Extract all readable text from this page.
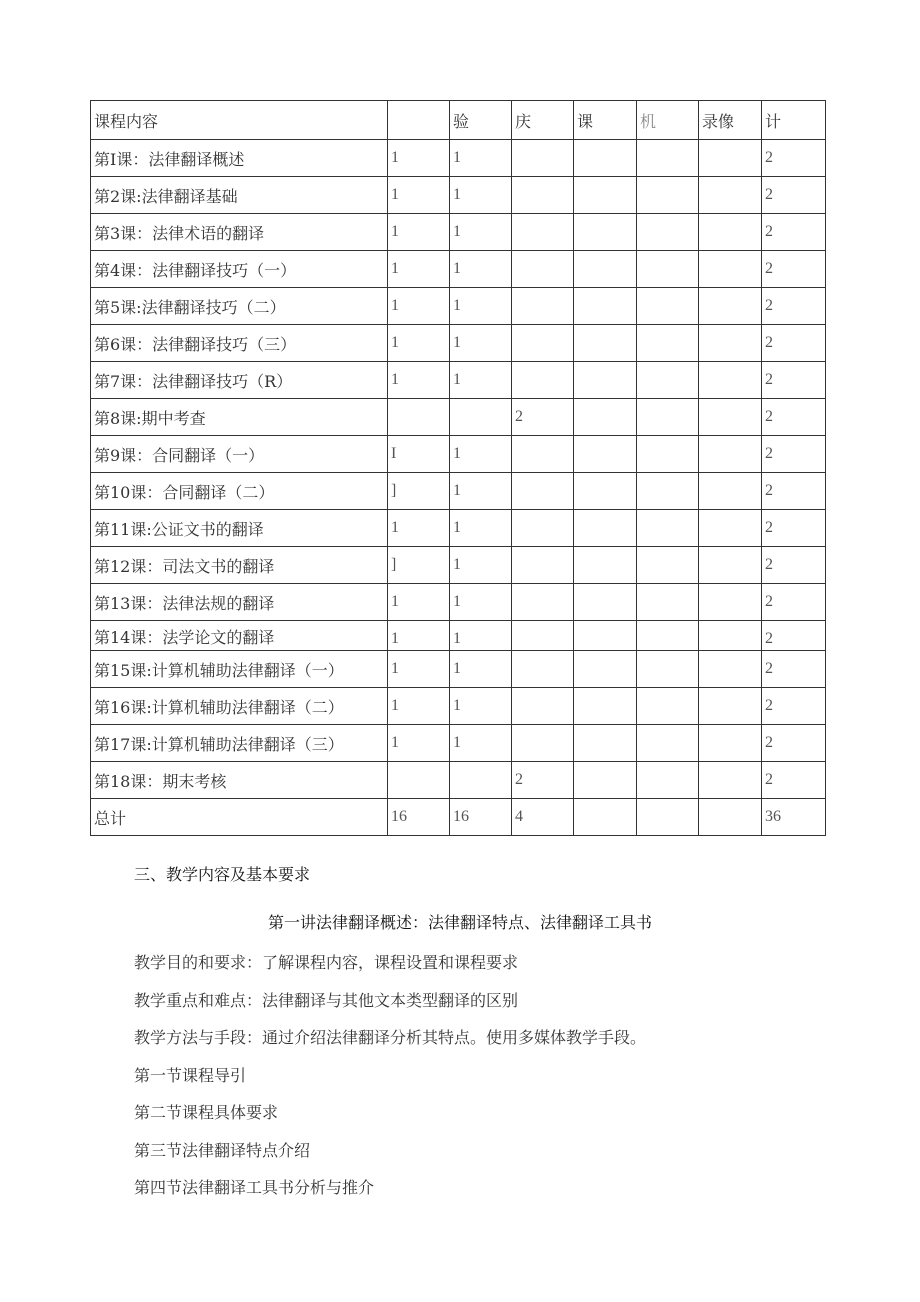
课程内容		验	庆	课	机	录像	计
第Ⅰ课：法律翻译概述	1	1					2
第2课:法律翻译基础	1	1					2
第3课：法律术语的翻译	1	1					2
第4课：法律翻译技巧（一）	1	1					2
第5课:法律翻译技巧（二）	1	1					2
第6课：法律翻译技巧（三）	1	1					2
第7课：法律翻译技巧（R）	1	1					2
第8课:期中考查			2				2
第9课：合同翻译（一）	I	1					2
第10课：合同翻译（二）	]	1					2
第11课:公证文书的翻译	1	1					2
第12课：司法文书的翻译	]	1					2
第13课：法律法规的翻译	1	1					2
第14课：法学论文的翻译	1	1					2
第15课:计算机辅助法律翻译（一）	1	1					2
第16课:计算机辅助法律翻译（二）	1	1					2
第17课:计算机辅助法律翻译（三）	1	1					2
第18课：期末考核			2				2
总计	16	16	4				36
三、教学内容及基本要求
第一讲法律翻译概述：法律翻译特点、法律翻译工具书
教学目的和要求：了解课程内容，课程设置和课程要求
教学重点和难点：法律翻译与其他文本类型翻译的区别
教学方法与手段：通过介绍法律翻译分析其特点。使用多媒体教学手段。
第一节课程导引
第二节课程具体要求
第三节法律翻译特点介绍
第四节法律翻译工具书分析与推介
